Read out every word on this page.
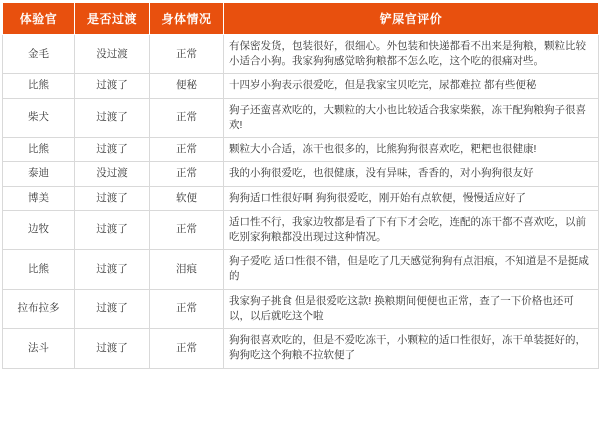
体验官	是否过渡	身体情况	铲屎官评价
金毛	没过渡	正常	有保密发货，包装很好，很细心。外包装和快递都看不出来是狗粮，颗粒比较小适合小狗。我家狗狗感觉啥狗粮都不怎么吃，这个吃的很痛对些。
比熊	过渡了	便秘	十四岁小狗表示很爱吃，但是我家宝贝吃完，尿都难拉 都有些便秘
柴犬	过渡了	正常	狗子还蛮喜欢吃的，大颗粒的大小也比较适合我家柴猴，冻干配狗粮狗子很喜欢!
比熊	过渡了	正常	颗粒大小合适，冻干也很多的，比熊狗狗很喜欢吃，粑粑也很健康!
泰迪	没过渡	正常	我的小狗很爱吃，也很健康，没有异味，香香的，对小狗狗很友好
博美	过渡了	软便	狗狗适口性很好啊 狗狗很爱吃，刚开始有点软便，慢慢适应好了
边牧	过渡了	正常	适口性不行，我家边牧都是看了下有下才会吃，连配的冻干都不喜欢吃，以前吃别家狗粮都没出现过这种情况。
比熊	过渡了	泪痕	狗子爱吃 适口性很不错，但是吃了几天感觉狗狗有点泪痕，不知道是不是挺咸的
拉布拉多	过渡了	正常	我家狗子挑食 但是很爱吃这款! 换粮期间便便也正常，查了一下价格也还可以，以后就吃这个啦
法斗	过渡了	正常	狗狗很喜欢吃的，但是不爱吃冻干，小颗粒的适口性很好，冻干单装挺好的，狗狗吃这个狗粮不拉软便了
